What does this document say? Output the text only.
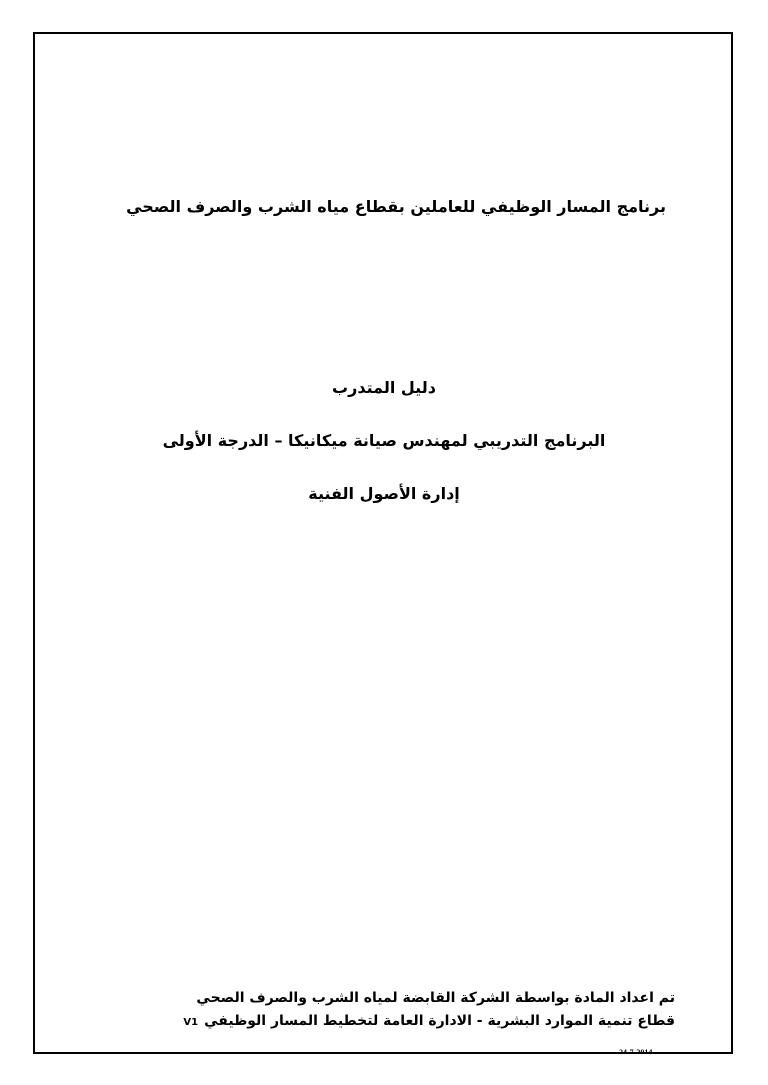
برنامج المسار الوظيفي للعاملين بقطاع مياه الشرب والصرف الصحي
دليل المتدرب
البرنامج التدريبي لمهندس صيانة ميكانيكا – الدرجة الأولى
إدارة الأصول الفنية
تم اعداد المادة بواسطة الشركة القابضة لمياه الشرب والصرف الصحي
قطاع تنمية الموارد البشرية - الادارة العامة لتخطيط المسار الوظيفيV1
24-7-2014
